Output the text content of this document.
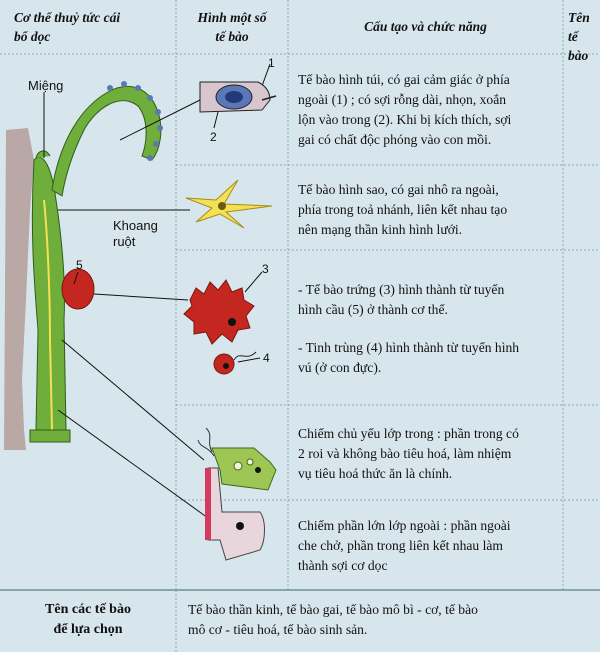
Cơ thể thuỷ tức cái
bổ dọc
Hình một số
tế bào
Cấu tạo và chức năng
Tên
tế bào
Miệng
Khoang
ruột
1
2
3
4
5
Tế bào hình túi, có gai cảm giác ở phía
ngoài (1) ; có sợi rỗng dài, nhọn, xoắn
lộn vào trong (2). Khi bị kích thích, sợi
gai có chất độc phóng vào con mồi.
Tế bào hình sao, có gai nhô ra ngoài,
phía trong toả nhánh, liên kết nhau tạo
nên mạng thần kinh hình lưới.
- Tế bào trứng (3) hình thành từ tuyến
hình cầu (5) ở thành cơ thể.
- Tinh trùng (4) hình thành từ tuyến hình
vú (ở con đực).
Chiếm chủ yếu lớp trong : phần trong có
2 roi và không bào tiêu hoá, làm nhiệm
vụ tiêu hoá thức ăn là chính.
Chiếm phần lớn lớp ngoài : phần ngoài
che chở, phần trong liên kết nhau làm
thành sợi cơ dọc
Tên các tế bào
để lựa chọn
Tế bào thần kinh, tế bào gai, tế bào mô bì - cơ, tế bào
mô cơ - tiêu hoá, tế bào sinh sản.
